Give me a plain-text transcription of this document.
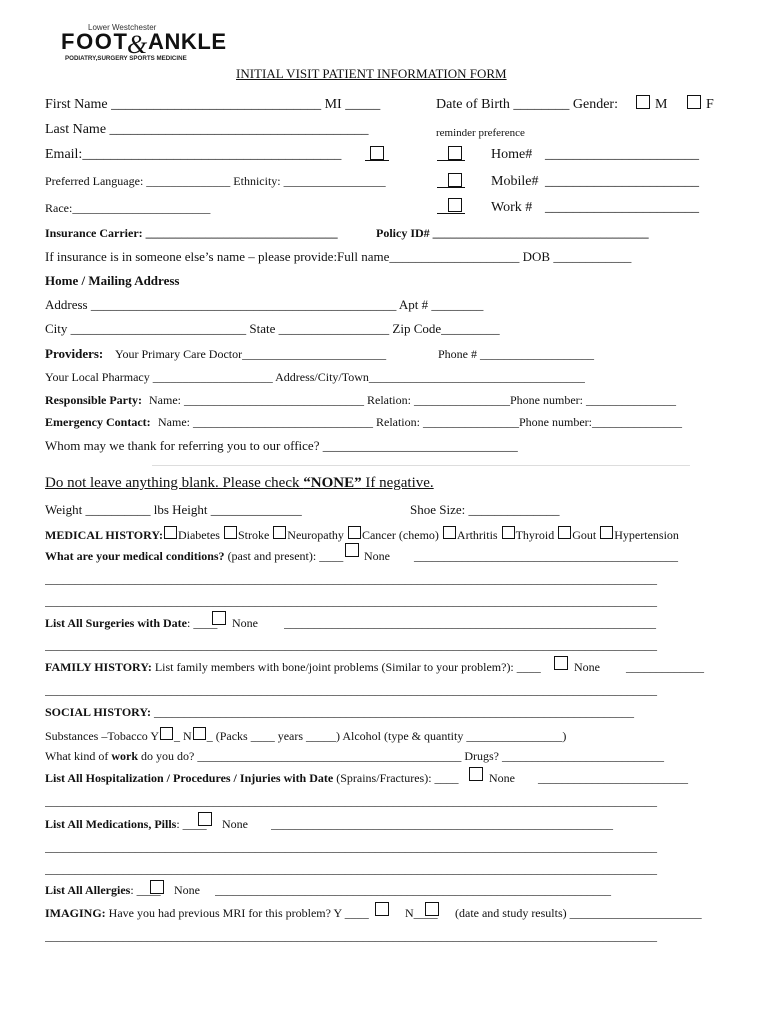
Lower Westchester
FOOT & ANKLE
PODIATRY,SURGERY SPORTS MEDICINE
INITIAL VISIT PATIENT INFORMATION FORM
First Name ______________________________ MI _____	Date of Birth ________ Gender:	M	F
Last Name _____________________________________	reminder preference
Email:_____________________________________	Home# ______________________
Preferred Language: ______________ Ethnicity: _________________	Mobile# ______________________
Race:_______________________	Work # ______________________
Insurance Carrier: ________________________________	Policy ID# ____________________________________
If insurance is in someone else’s name – please provide:Full name____________________ DOB ____________
Home / Mailing Address
Address _______________________________________________ Apt # ________
City ___________________________ State _________________ Zip Code_________
Providers: Your Primary Care Doctor________________________	Phone # ___________________
Your Local Pharmacy ____________________ Address/City/Town____________________________________
Responsible Party: Name: ______________________________ Relation: ________________Phone number: _______________
Emergency Contact: Name: ______________________________ Relation: ________________Phone number:_______________
Whom may we thank for referring you to our office? ______________________________
Do not leave anything blank. Please check “NONE” If negative.
Weight __________ lbs Height ______________	Shoe Size: ______________
MEDICAL HISTORY: Diabetes Stroke Neuropathy Cancer (chemo) Arthritis Thyroid Gout Hypertension
What are your medical conditions? (past and present): ____ None ____________________________________________
______________________________________________________________________________________________________
______________________________________________________________________________________________________
List All Surgeries with Date: ____ None ______________________________________________________________
______________________________________________________________________________________________________
FAMILY HISTORY: List family members with bone/joint problems (Similar to your problem?): ____	None _____________
______________________________________________________________________________________________________
SOCIAL HISTORY: ________________________________________________________________________________
Substances –Tobacco Y _ N _ (Packs ____ years _____) Alcohol (type & quantity ________________)
What kind of work do you do? ____________________________________________ Drugs? ___________________________
List All Hospitalization / Procedures / Injuries with Date (Sprains/Fractures): ____	None _________________________
______________________________________________________________________________________________________
List All Medications, Pills: ____ None _________________________________________________________
______________________________________________________________________________________________________
______________________________________________________________________________________________________
List All Allergies: ____ None __________________________________________________________________
IMAGING: Have you had previous MRI for this problem? Y ____	N____ (date and study results) ______________________
______________________________________________________________________________________________________
